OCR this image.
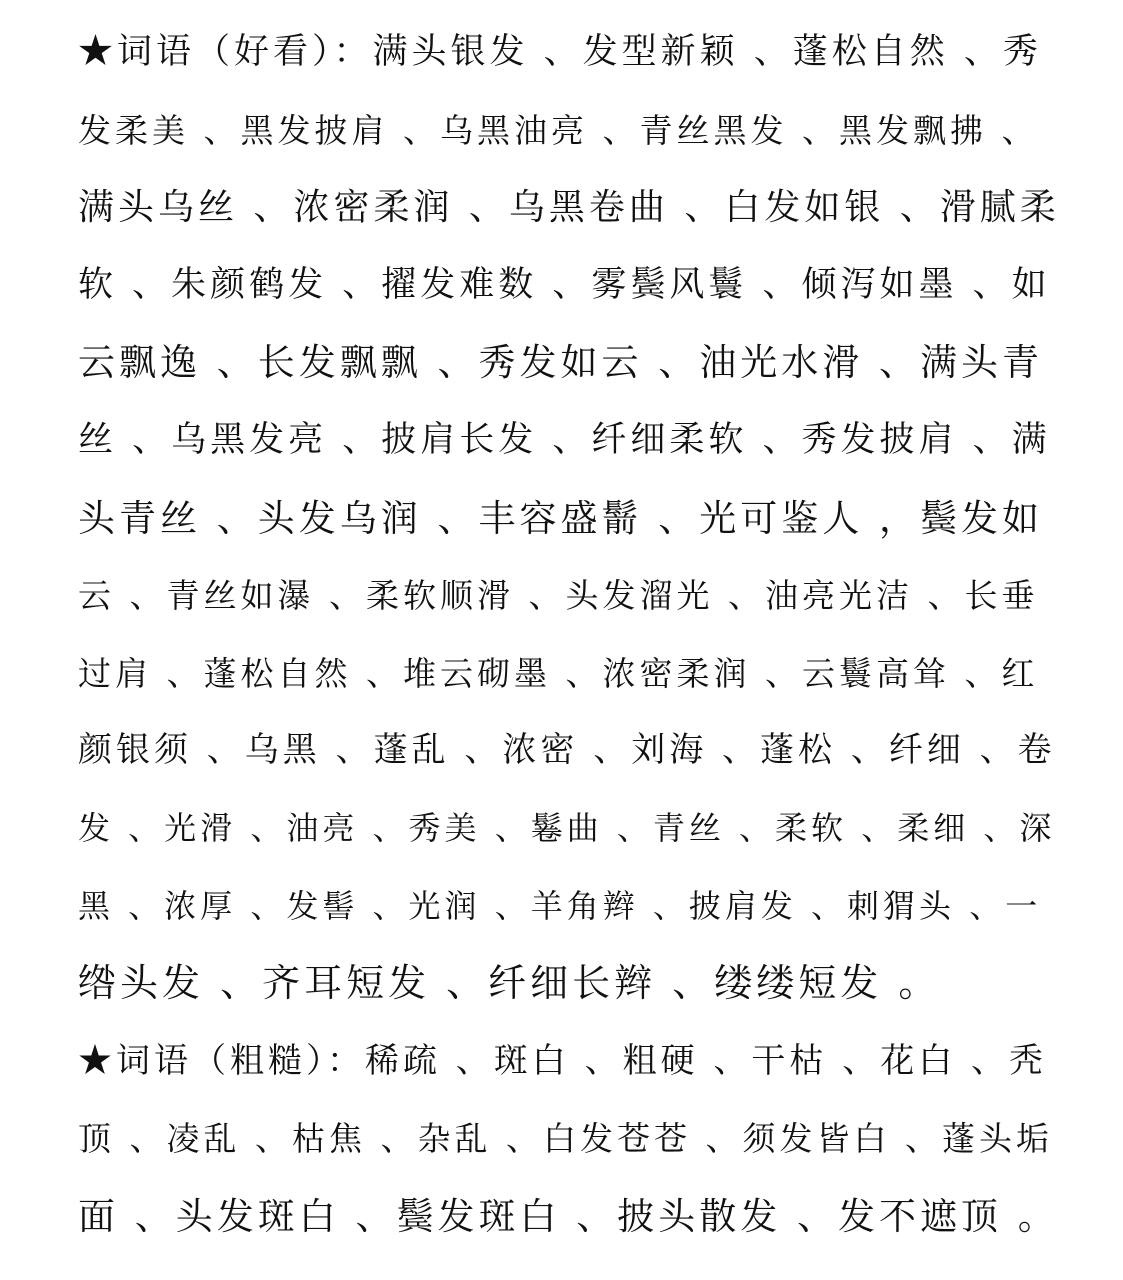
★词语（好看）：满头银发 、发型新颖 、蓬松自然 、秀
发柔美 、黑发披肩 、乌黑油亮 、青丝黑发 、黑发飘拂 、
满头乌丝 、浓密柔润 、乌黑卷曲 、白发如银 、滑腻柔
软 、朱颜鹤发 、擢发难数 、雾鬓风鬟 、倾泻如墨 、如
云飘逸 、长发飘飘 、秀发如云 、油光水滑 、满头青
丝 、乌黑发亮 、披肩长发 、纤细柔软 、秀发披肩 、满
头青丝 、头发乌润 、丰容盛鬋 、光可鉴人 ，鬓发如
云 、青丝如瀑 、柔软顺滑 、头发溜光 、油亮光洁 、长垂
过肩 、蓬松自然 、堆云砌墨 、浓密柔润 、云鬟高耸 、红
颜银须 、乌黑 、蓬乱 、浓密 、刘海 、蓬松 、纤细 、卷
发 、光滑 、油亮 、秀美 、鬈曲 、青丝 、柔软 、柔细 、深
黑 、浓厚 、发髻 、光润 、羊角辫 、披肩发 、刺猬头 、一
绺头发 、齐耳短发 、纤细长辫 、缕缕短发 。
★词语（粗糙）：稀疏 、斑白 、粗硬 、干枯 、花白 、秃
顶 、凌乱 、枯焦 、杂乱 、白发苍苍 、须发皆白 、蓬头垢
面 、头发斑白 、鬓发斑白 、披头散发 、发不遮顶 。
